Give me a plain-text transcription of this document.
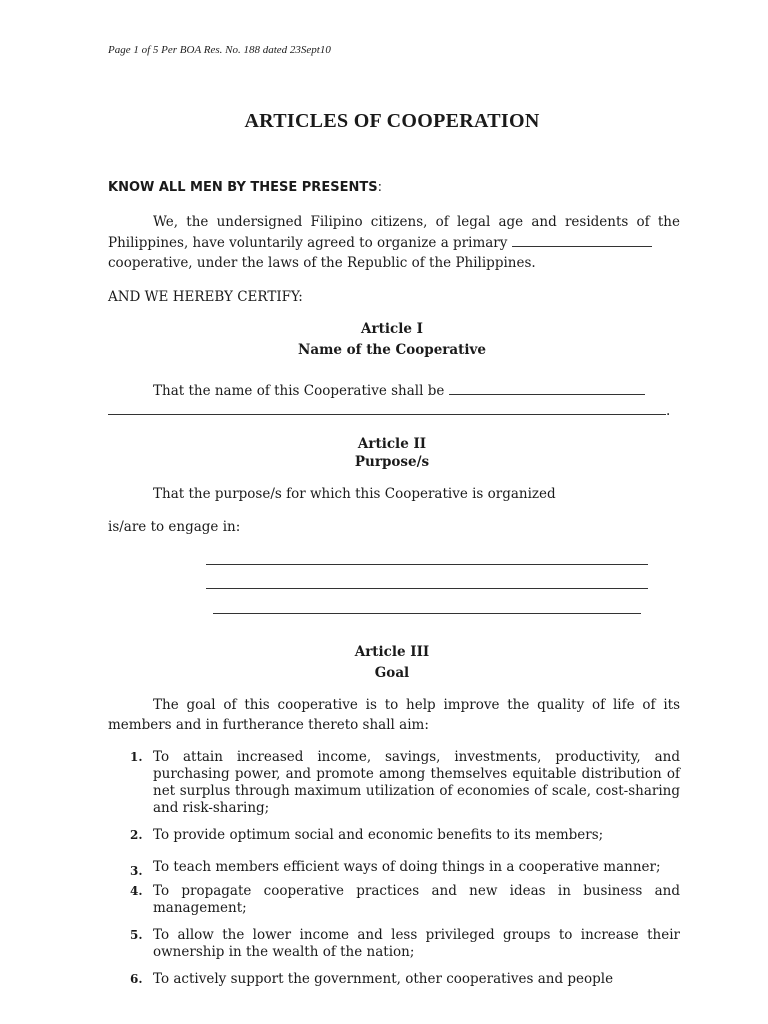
Page 1 of 5 Per BOA Res. No. 188 dated 23Sept10
ARTICLES OF COOPERATION
KNOW ALL MEN BY THESE PRESENTS:
We, the undersigned Filipino citizens, of legal age and residents of the Philippines, have voluntarily agreed to organize a primary
cooperative, under the laws of the Republic of the Philippines.
AND WE HEREBY CERTIFY:
Article I
Name of the Cooperative
That the name of this Cooperative shall be
.
Article II
Purpose/s
That the purpose/s for which this Cooperative is organized
is/are to engage in:
Article III
Goal
The goal of this cooperative is to help improve the quality of life of its members and in furtherance thereto shall aim:
1. To attain increased income, savings, investments, productivity, and purchasing power, and promote among themselves equitable distribution of net surplus through maximum utilization of economies of scale, cost-sharing and risk-sharing;
2. To provide optimum social and economic benefits to its members;
3. To teach members efficient ways of doing things in a cooperative manner;
4. To propagate cooperative practices and new ideas in business and management;
5. To allow the lower income and less privileged groups to increase their ownership in the wealth of the nation;
6. To actively support the government, other cooperatives and people
